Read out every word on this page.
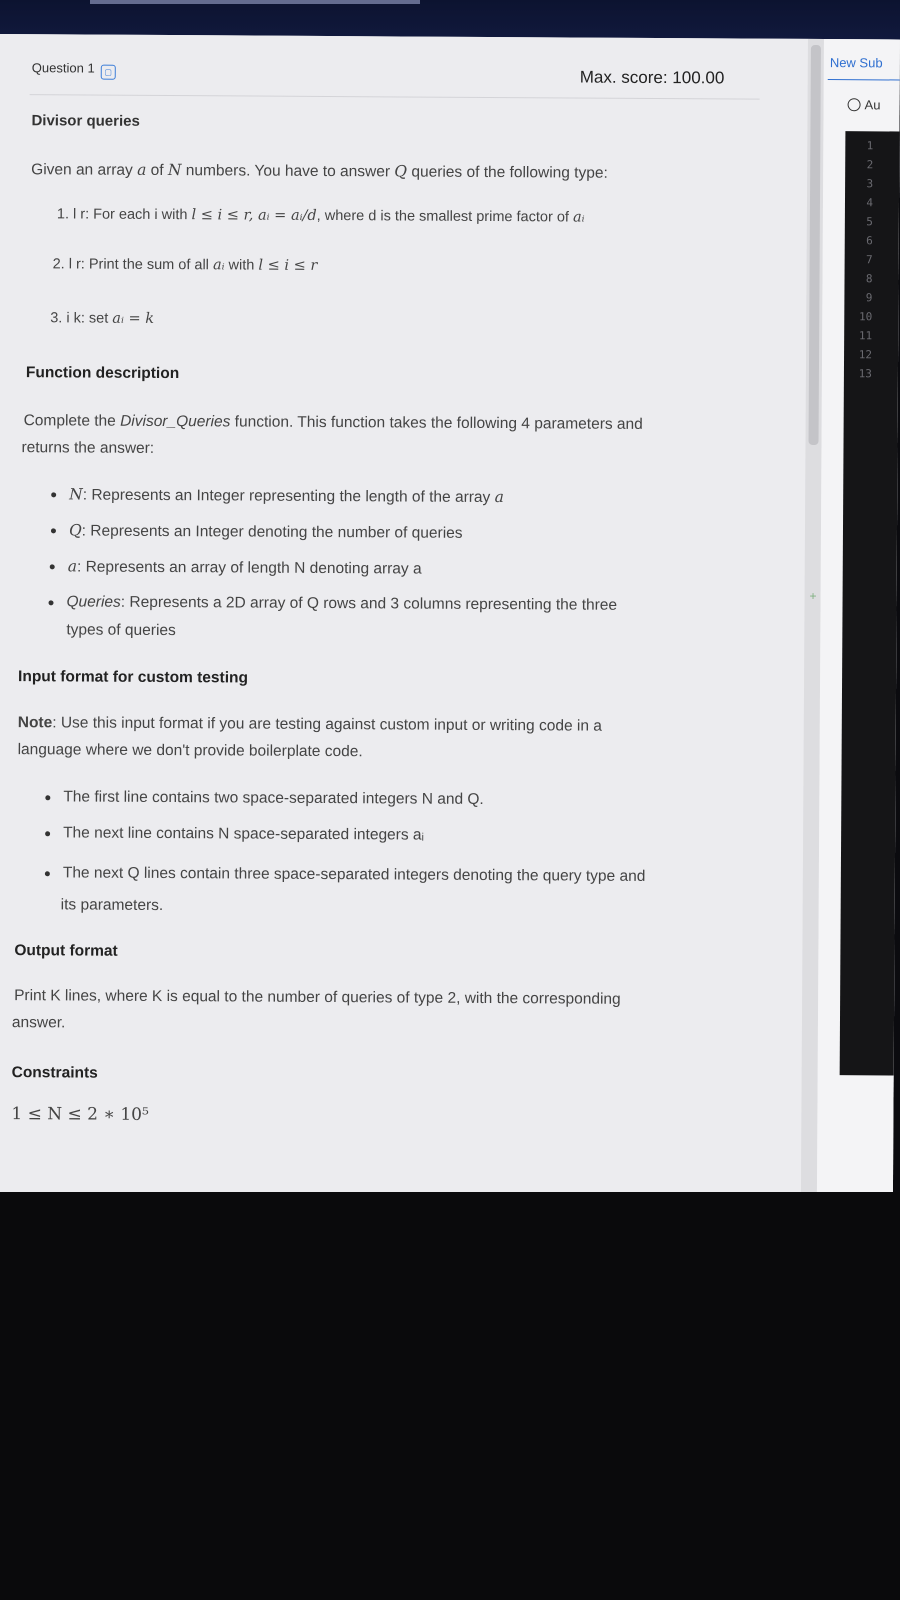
Question 1 ▢	Max. score: 100.00
Divisor queries
Given an array a of N numbers. You have to answer Q queries of the following type:
1. l r: For each i with l ≤ i ≤ r, aᵢ = aᵢ/d, where d is the smallest prime factor of aᵢ
2. l r: Print the sum of all aᵢ with l ≤ i ≤ r
3. i k: set aᵢ = k
Function description
Complete the Divisor_Queries function. This function takes the following 4 parameters and
returns the answer:
N: Represents an Integer representing the length of the array a
Q: Represents an Integer denoting the number of queries
a: Represents an array of length N denoting array a
Queries: Represents a 2D array of Q rows and 3 columns representing the three
types of queries
Input format for custom testing
Note: Use this input format if you are testing against custom input or writing code in a
language where we don't provide boilerplate code.
The first line contains two space-separated integers N and Q.
The next line contains N space-separated integers aᵢ
The next Q lines contain three space-separated integers denoting the query type and
its parameters.
Output format
Print K lines, where K is equal to the number of queries of type 2, with the corresponding
answer.
Constraints
1 ≤ N ≤ 2 ∗ 10⁵
+
New Sub
Au
1
2
3
4
5
6
7
8
9
10
11
12
13
